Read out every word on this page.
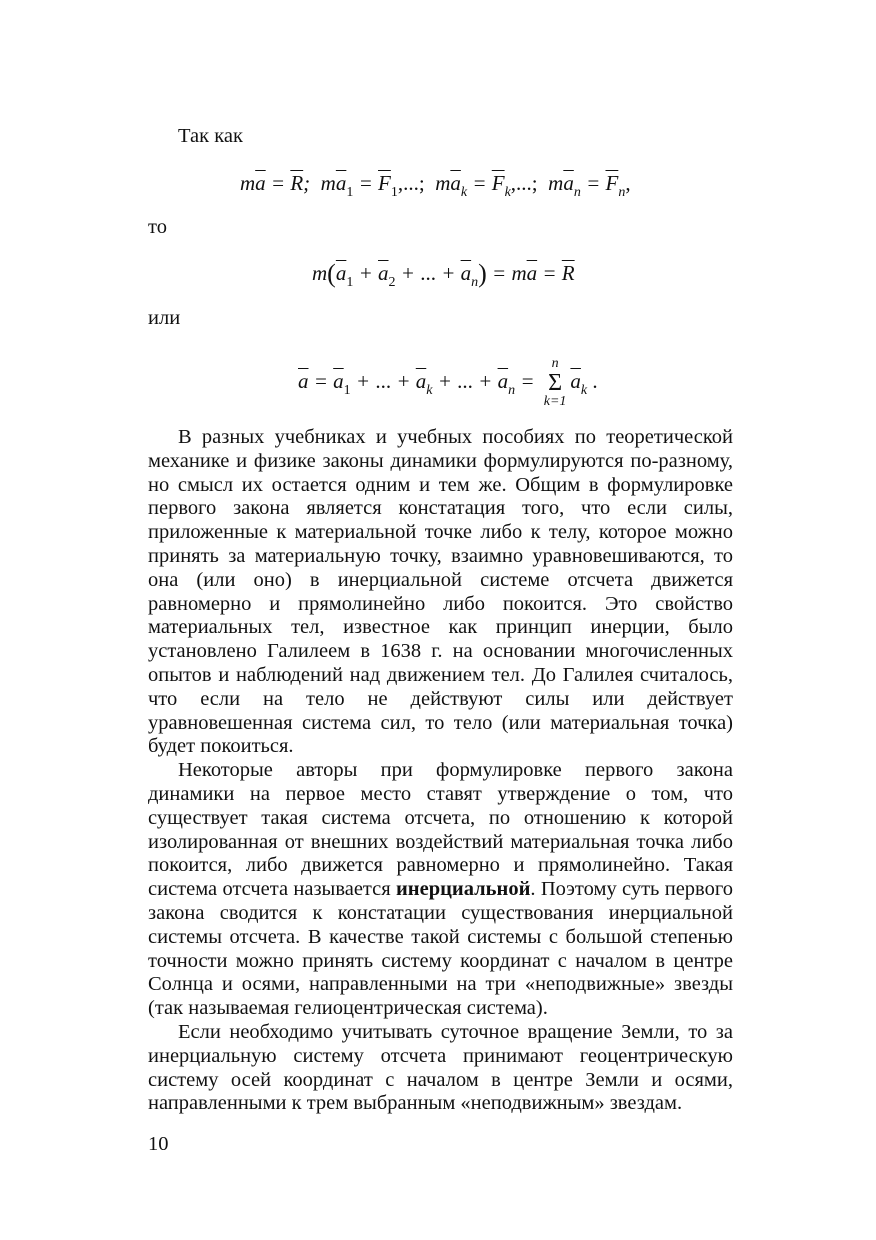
Так как

$m\overline{a} = \overline{R}$; $m\overline{a}_1 = \overline{F}_1$,...; $m\overline{a}_k = \overline{F}_k$,...; $m\overline{a}_n = \overline{F}_n$,

то

$m(\overline{a}_1 + \overline{a}_2$ + ... + $\overline{a}_n) = m\overline{a} = \overline{R}$

или

$\overline{a} = \overline{a}_1$ + ... + $\overline{a}_k$ + ... + $\overline{a}_n$ =
n
Σ
k=1
$\overline{a}_k$ .

В разных учебниках и учебных пособиях по теоретической механике и физике законы динамики формулируются по-разному, но смысл их остается одним и тем же. Общим в формулировке первого закона является констатация того, что если силы, приложенные к материальной точке либо к телу, которое можно принять за материальную точку, взаимно уравновешиваются, то она (или оно) в инерциальной системе отсчета движется равномерно и прямолинейно либо покоится. Это свойство материальных тел, известное как принцип инерции, было установлено Галилеем в 1638 г. на основании многочисленных опытов и наблюдений над движением тел. До Галилея считалось, что если на тело не действуют силы или действует уравновешенная система сил, то тело (или материальная точка) будет покоиться.

Некоторые авторы при формулировке первого закона динамики на первое место ставят утверждение о том, что существует такая система отсчета, по отношению к которой изолированная от внешних воздействий материальная точка либо покоится, либо движется равномерно и прямолинейно. Такая система отсчета называется инерциальной. Поэтому суть первого закона сводится к констатации существования инерциальной системы отсчета. В качестве такой системы с большой степенью точности можно принять систему координат с началом в центре Солнца и осями, направленными на три «неподвижные» звезды (так называемая гелиоцентрическая система).

Если необходимо учитывать суточное вращение Земли, то за инерциальную систему отсчета принимают геоцентрическую систему осей координат с началом в центре Земли и осями, направленными к трем выбранным «неподвижным» звездам.

10
